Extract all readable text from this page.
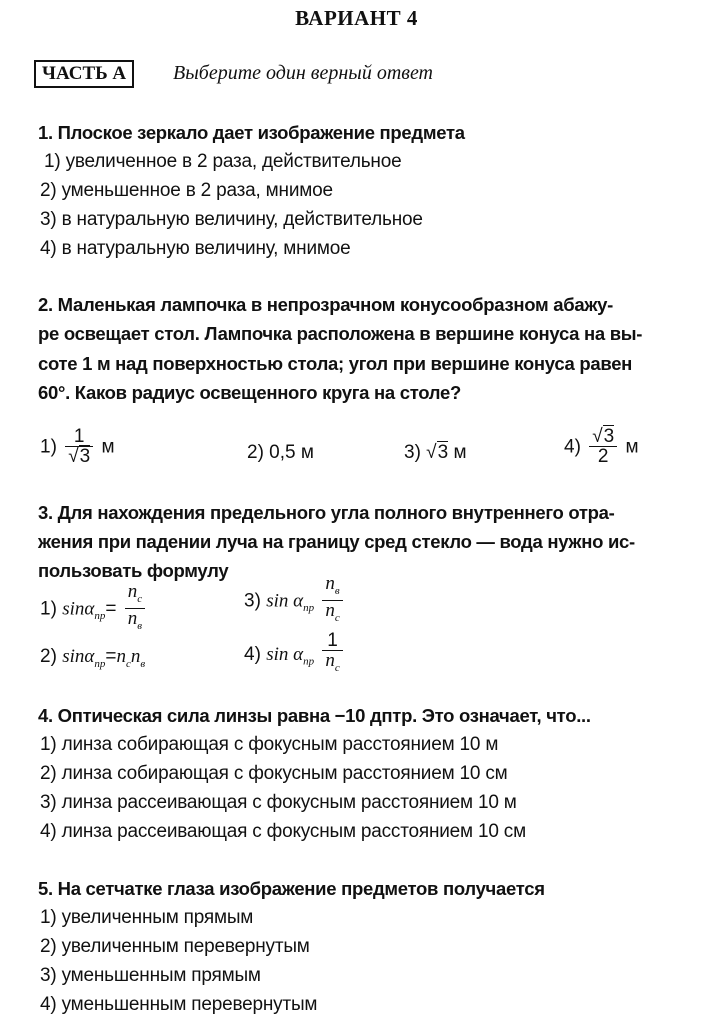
ВАРИАНТ 4
ЧАСТЬ А	Выберите один верный ответ
1. Плоское зеркало дает изображение предмета
1) увеличенное в 2 раза, действительное
2) уменьшенное в 2 раза, мнимое
3) в натуральную величину, действительное
4) в натуральную величину, мнимое
2. Маленькая лампочка в непрозрачном конусообразном абажу-
ре освещает стол. Лампочка расположена в вершине конуса на вы-
соте 1 м над поверхностью стола; угол при вершине конуса равен
60°. Каков радиус освещенного круга на столе?
$1) \frac{1}{√3}$ м	2) 0,5 м	3) √3 м	$4) \frac{√3}{2}$ м
3. Для нахождения предельного угла полного внутреннего отра-
жения при падении луча на границу сред стекло — вода нужно ис-
пользовать формулу
1) $\sin\alpha_{пр}= \frac{n_c}{n_в}$	3) $\sin \alpha_{пр} \frac{n_в}{n_c}$
2) $\sin\alpha_{пр}=n_cn_в$	4) $\sin \alpha_{пр} \frac{1}{n_c}$
4. Оптическая сила линзы равна −10 дптр. Это означает, что...
1) линза собирающая с фокусным расстоянием 10 м
2) линза собирающая с фокусным расстоянием 10 см
3) линза рассеивающая с фокусным расстоянием 10 м
4) линза рассеивающая с фокусным расстоянием 10 см
5. На сетчатке глаза изображение предметов получается
1) увеличенным прямым
2) увеличенным перевернутым
3) уменьшенным прямым
4) уменьшенным перевернутым
